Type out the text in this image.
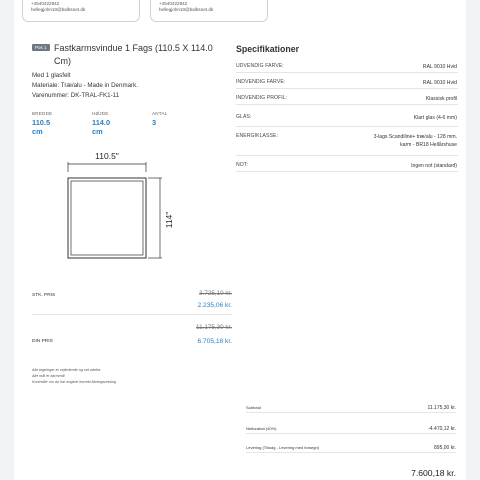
+4540422842
hellegjohn10@balbsnet.dk
+4540422842
hellegjohn10@balbsnet.dk
Pos 1 Fastkarmsvindue 1 Fags (110.5 X 114.0 Cm)
Med 1 glasfelt
Materiale: Træ/alu - Made in Denmark.
Varenummer: DK-TRAL-FK1-11
BREDDE
110.5 cm
HØJDE
114.0 cm
ANTAL
3
110.5"
114"
STK. PRIS	3.725,10 kr.
2.235,06 kr.
11.175,30 kr.
DIN PRIS	6.705,18 kr.
Alle tegninger er vejledende og set udefra.
Alle mål er karmmål
Kontrollér om du har angivet korrekt åbningsretning
Specifikationer
UDVENDIG FARVE:	RAL 9010 Hvid
INDVENDIG FARVE:	RAL 9010 Hvid
INDVENDIG PROFIL:	Klassisk profil
GLAS:	Klart glas (4-6 mm)
ENERGIKLASSE:	3-lags Scandiline+ træ/alu - 128 mm.
karm - BR18 Hellårshuse
NOT:	Ingen not (standard)
Subtotal	11.175,30 kr.
Nettorabat (40%)	-4.470,12 kr.
Levering (Tiksdg - Levering med forsegn)	895,00 kr.
7.600,18 kr.
